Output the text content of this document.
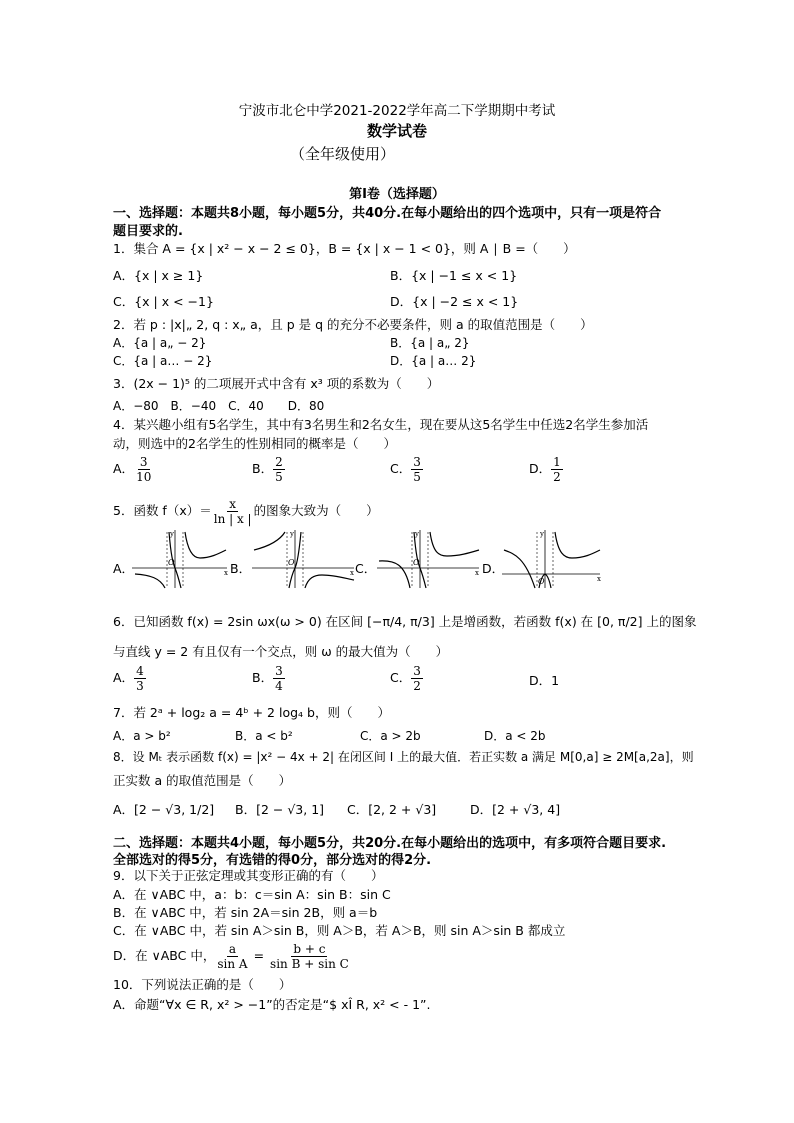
宁波市北仑中学2021-2022学年高二下学期期中考试
数学试卷
（全年级使用）
第Ⅰ卷（选择题）
一、选择题：本题共8小题，每小题5分，共40分.在每小题给出的四个选项中，只有一项是符合
题目要求的.
1．集合 A = {x | x² − x − 2 ≤ 0}，B = {x | x − 1 < 0}，则 A ∣ B =（　　）
A．{x | x ≥ 1}	B．{x | −1 ≤ x < 1}
C．{x | x < −1}	D．{x | −2 ≤ x < 1}
2．若 p : |x|„ 2, q : x„ a，且 p 是 q 的充分不必要条件，则 a 的取值范围是（　　）
A．{a | a„ − 2}	B．{a | a„ 2}
C．{a | a… − 2}	D．{a | a… 2}
3．(2x − 1)⁵ 的二项展开式中含有 x³ 项的系数为（　　）
A．−80　B．−40　C．40　　D．80
4．某兴趣小组有5名学生，其中有3名男生和2名女生，现在要从这5名学生中任选2名学生参加活
动，则选中的2名学生的性别相同的概率是（　　）
A． $\frac{3}{10}$	B． $\frac{2}{5}$	C． $\frac{3}{5}$	D． $\frac{1}{2}$
5．函数 $f(x)= \frac{x}{\ln | x |}$ 的图象大致为（　　）
A．	B．	C．	D．
y
x
O
y
x
O
y
x
O
y
x
O
6．已知函数 f(x) = 2sin ωx(ω > 0) 在区间 [−π/4, π/3] 上是增函数，若函数 f(x) 在 [0, π/2] 上的图象
与直线 y = 2 有且仅有一个交点，则 ω 的最大值为（　　）
A． $\frac{4}{3}$	B． $\frac{3}{4}$	C． $\frac{3}{2}$	D．1
7．若 2ᵃ + log₂ a = 4ᵇ + 2 log₄ b，则（　　）
A．a > b²	B．a < b²	C．a > 2b	D．a < 2b
8．设 Mₜ 表示函数 f(x) = |x² − 4x + 2| 在闭区间 I 上的最大值．若正实数 a 满足 M[0,a] ≥ 2M[a,2a]，则
正实数 a 的取值范围是（　　）
A．[2 − √3, 1/2] B．[2 − √3, 1] C．[2, 2 + √3]	D．[2 + √3, 4]
二、选择题：本题共4小题，每小题5分，共20分.在每小题给出的选项中，有多项符合题目要求.
全部选对的得5分，有选错的得0分，部分选对的得2分.
9．以下关于正弦定理或其变形正确的有（　　）
A．在 ∨ABC 中，a：b：c＝sin A：sin B：sin C
B．在 ∨ABC 中，若 sin 2A＝sin 2B，则 a＝b
C．在 ∨ABC 中，若 sin A＞sin B，则 A＞B，若 A＞B，则 sin A＞sin B 都成立
D．在 ∨ABC 中， $\frac{a}{\text{sin A}} = \frac{b + c}{\text{sin B + sin C}}$
10．下列说法正确的是（　　）
A．命题“∀x ∈ R, x² > −1”的否定是“$ xÎ R, x² < - 1”.
